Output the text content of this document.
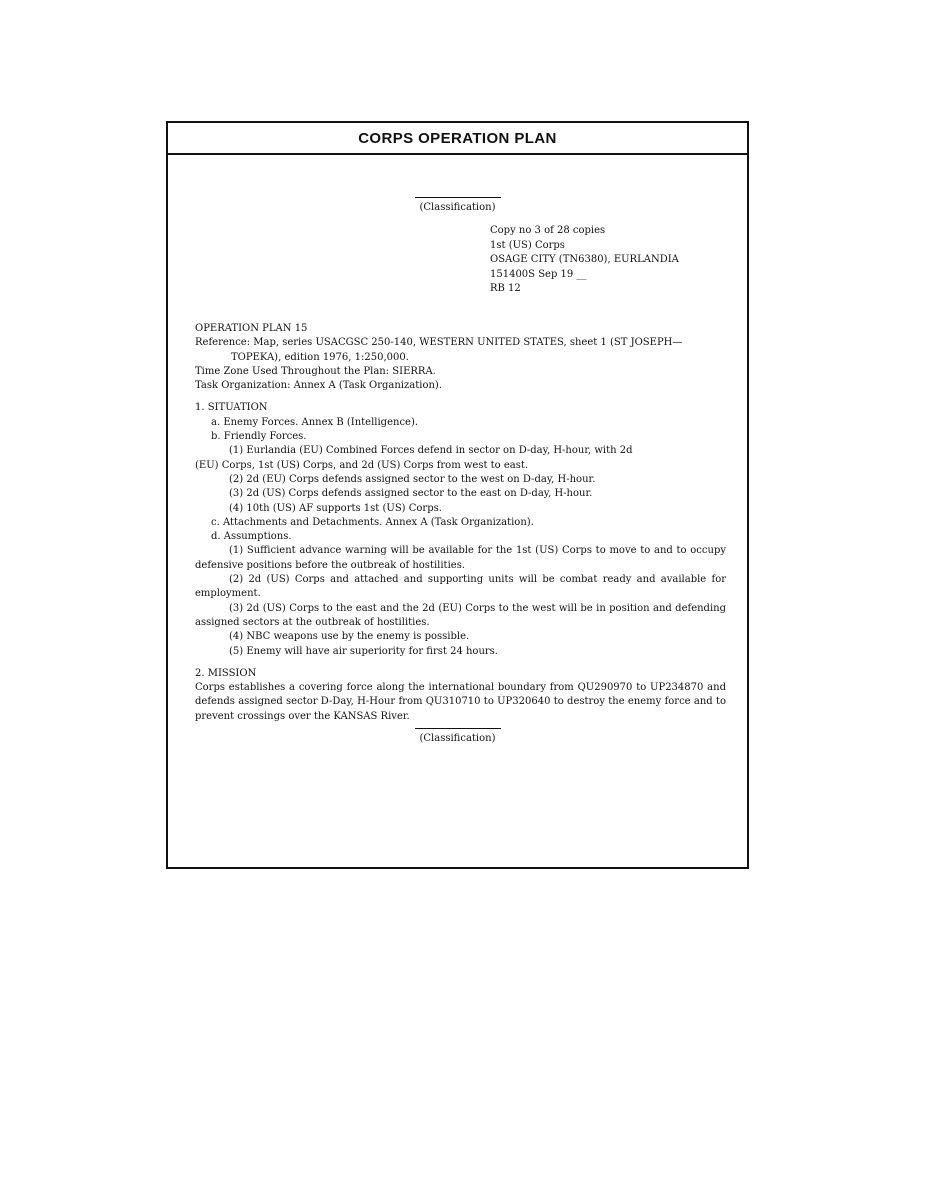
CORPS OPERATION PLAN
(Classification)
Copy no 3 of 28 copies
1st (US) Corps
OSAGE CITY (TN6380), EURLANDIA
151400S Sep 19 __
RB 12
OPERATION PLAN 15
Reference: Map, series USACGSC 250-140, WESTERN UNITED STATES, sheet 1 (ST JOSEPH—
TOPEKA), edition 1976, 1:250,000.
Time Zone Used Throughout the Plan: SIERRA.
Task Organization: Annex A (Task Organization).
1. SITUATION
a. Enemy Forces. Annex B (Intelligence).
b. Friendly Forces.
(1) Eurlandia (EU) Combined Forces defend in sector on D-day, H-hour, with 2d
(EU) Corps, 1st (US) Corps, and 2d (US) Corps from west to east.
(2) 2d (EU) Corps defends assigned sector to the west on D-day, H-hour.
(3) 2d (US) Corps defends assigned sector to the east on D-day, H-hour.
(4) 10th (US) AF supports 1st (US) Corps.
c. Attachments and Detachments. Annex A (Task Organization).
d. Assumptions.
(1) Sufficient advance warning will be available for the 1st (US) Corps to move to and to occupy defensive positions before the outbreak of hostilities.
(2) 2d (US) Corps and attached and supporting units will be combat ready and available for employment.
(3) 2d (US) Corps to the east and the 2d (EU) Corps to the west will be in position and defending assigned sectors at the outbreak of hostilities.
(4) NBC weapons use by the enemy is possible.
(5) Enemy will have air superiority for first 24 hours.
2. MISSION
Corps establishes a covering force along the international boundary from QU290970 to UP234870 and defends assigned sector D-Day, H-Hour from QU310710 to UP320640 to destroy the enemy force and to prevent crossings over the KANSAS River.
(Classification)
